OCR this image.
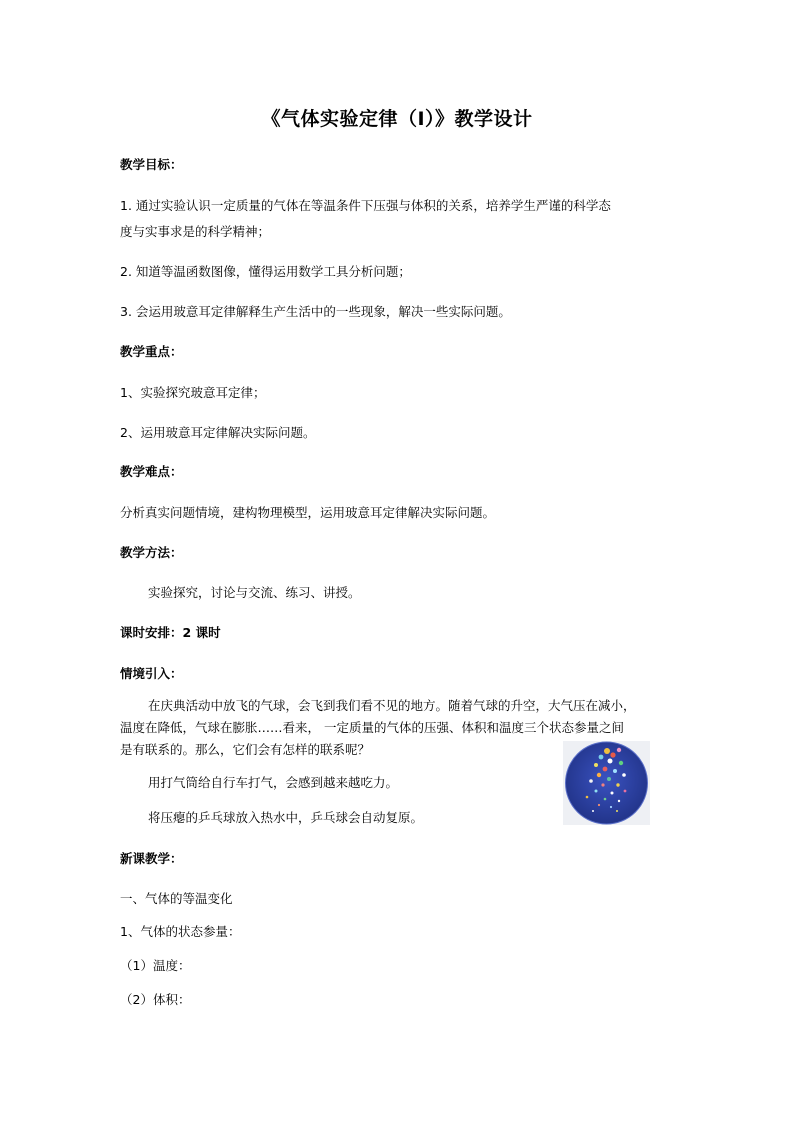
《气体实验定律（Ⅰ）》教学设计
教学目标：
1. 通过实验认识一定质量的气体在等温条件下压强与体积的关系，培养学生严谨的科学态
度与实事求是的科学精神；
2. 知道等温函数图像，懂得运用数学工具分析问题；
3. 会运用玻意耳定律解释生产生活中的一些现象，解决一些实际问题。
教学重点：
1、实验探究玻意耳定律；
2、运用玻意耳定律解决实际问题。
教学难点：
分析真实问题情境，建构物理模型，运用玻意耳定律解决实际问题。
教学方法：
实验探究，讨论与交流、练习、讲授。
课时安排：2 课时
情境引入：
在庆典活动中放飞的气球，会飞到我们看不见的地方。随着气球的升空，大气压在减小，
温度在降低，气球在膨胀……看来， 一定质量的气体的压强、体积和温度三个状态参量之间
是有联系的。那么，它们会有怎样的联系呢？
用打气筒给自行车打气，会感到越来越吃力。
将压瘪的乒乓球放入热水中，乒乓球会自动复原。
新课教学：
一、气体的等温变化
1、气体的状态参量：
（1）温度：
（2）体积：
